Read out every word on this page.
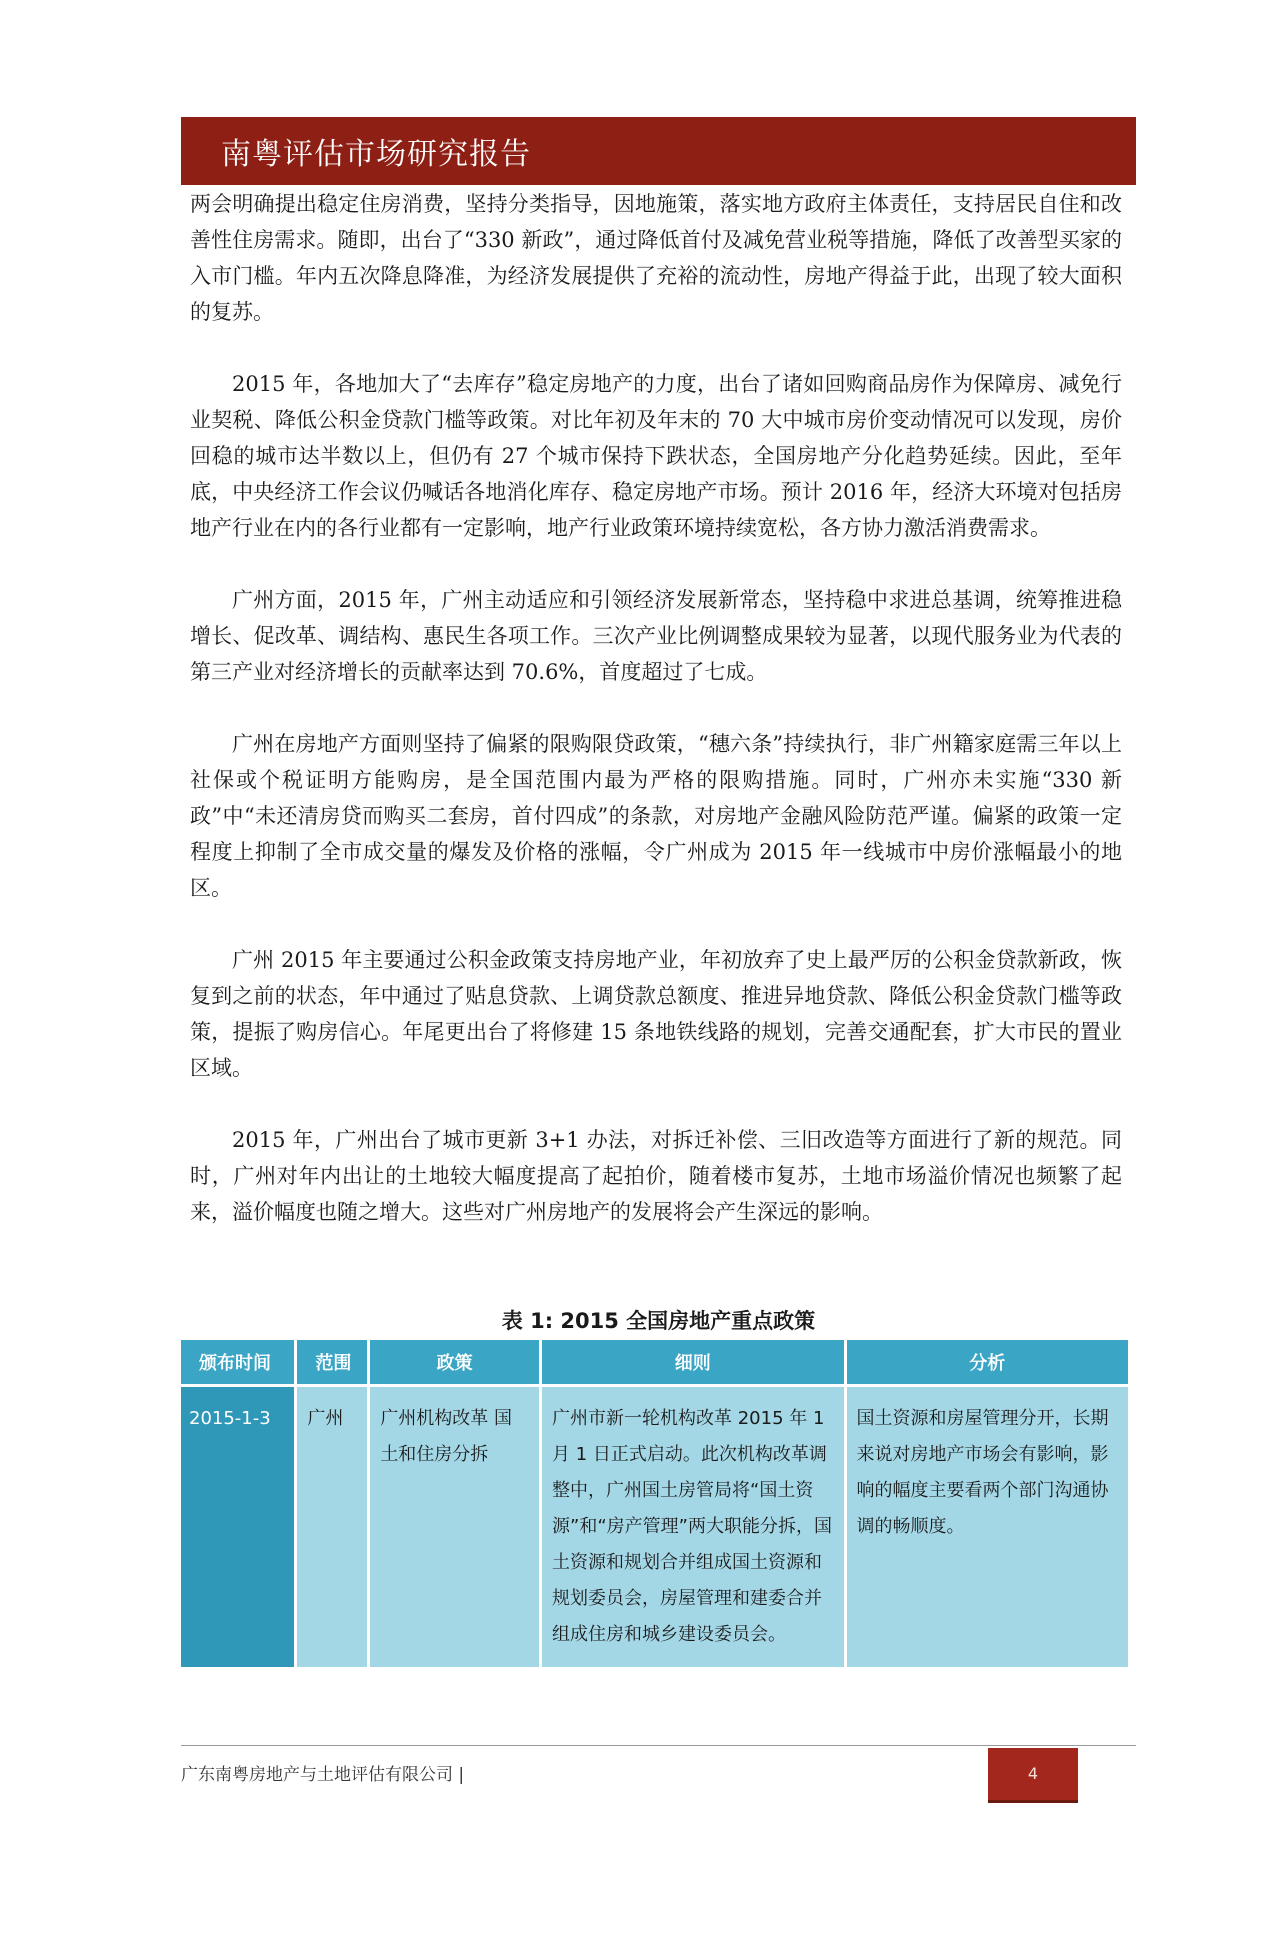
南粤评估市场研究报告

两会明确提出稳定住房消费，坚持分类指导，因地施策，落实地方政府主体责任，支持居民自住和改善性住房需求。随即，出台了“330 新政”，通过降低首付及减免营业税等措施，降低了改善型买家的入市门槛。年内五次降息降准，为经济发展提供了充裕的流动性，房地产得益于此，出现了较大面积的复苏。

2015 年，各地加大了“去库存”稳定房地产的力度，出台了诸如回购商品房作为保障房、减免行业契税、降低公积金贷款门槛等政策。对比年初及年末的 70 大中城市房价变动情况可以发现，房价回稳的城市达半数以上，但仍有 27 个城市保持下跌状态，全国房地产分化趋势延续。因此，至年底，中央经济工作会议仍喊话各地消化库存、稳定房地产市场。预计 2016 年，经济大环境对包括房地产行业在内的各行业都有一定影响，地产行业政策环境持续宽松，各方协力激活消费需求。

广州方面，2015 年，广州主动适应和引领经济发展新常态，坚持稳中求进总基调，统筹推进稳增长、促改革、调结构、惠民生各项工作。三次产业比例调整成果较为显著，以现代服务业为代表的第三产业对经济增长的贡献率达到 70.6%，首度超过了七成。

广州在房地产方面则坚持了偏紧的限购限贷政策，“穗六条”持续执行，非广州籍家庭需三年以上社保或个税证明方能购房，是全国范围内最为严格的限购措施。同时，广州亦未实施“330 新政”中“未还清房贷而购买二套房，首付四成”的条款，对房地产金融风险防范严谨。偏紧的政策一定程度上抑制了全市成交量的爆发及价格的涨幅，令广州成为 2015 年一线城市中房价涨幅最小的地区。

广州 2015 年主要通过公积金政策支持房地产业，年初放弃了史上最严厉的公积金贷款新政，恢复到之前的状态，年中通过了贴息贷款、上调贷款总额度、推进异地贷款、降低公积金贷款门槛等政策，提振了购房信心。年尾更出台了将修建 15 条地铁线路的规划，完善交通配套，扩大市民的置业区域。

2015 年，广州出台了城市更新 3+1 办法，对拆迁补偿、三旧改造等方面进行了新的规范。同时，广州对年内出让的土地较大幅度提高了起拍价，随着楼市复苏，土地市场溢价情况也频繁了起来，溢价幅度也随之增大。这些对广州房地产的发展将会产生深远的影响。

表 1: 2015 全国房地产重点政策
颁布时间	范围	政策	细则	分析
2015-1-3	广州	广州机构改革 国土和住房分拆	广州市新一轮机构改革 2015 年 1 月 1 日正式启动。此次机构改革调整中，广州国土房管局将“国土资源”和“房产管理”两大职能分拆，国土资源和规划合并组成国土资源和规划委员会，房屋管理和建委合并组成住房和城乡建设委员会。	国土资源和房屋管理分开，长期来说对房地产市场会有影响，影响的幅度主要看两个部门沟通协调的畅顺度。
广东南粤房地产与土地评估有限公司 |	4
